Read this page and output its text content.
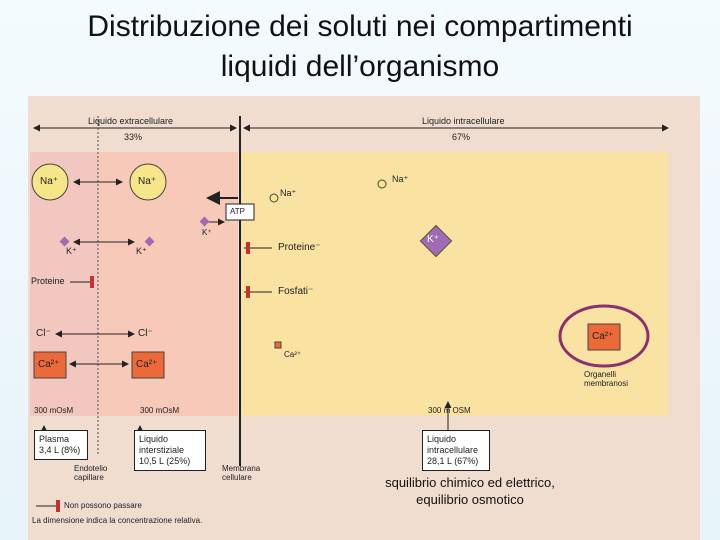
Distribuzione dei soluti nei compartimenti
liquidi dell’organismo
Liquido extracellulare
33%
Liquido intracellulare
67%
Na⁺	Na⁺
Na⁺
Na⁺
ATP
K⁺
K⁺	K⁺
K⁺
Proteine
Proteine⁻
Fosfati⁻
Cl⁻	Cl⁻
Ca²⁺	Ca²⁺
Ca²⁺
Ca²⁺
Organelli
membranosi
300 mOsM	300 mOsM	300 m OSM
Plasma
3,4 L (8%)
Liquido
interstiziale
10,5 L (25%)
Liquido
intracellulare
28,1 L (67%)
Endotelio
capillare
Membrana
cellulare
Non possono passare
La dimensione indica la concentrazione relativa.
squilibrio chimico ed elettrico,
equilibrio osmotico
